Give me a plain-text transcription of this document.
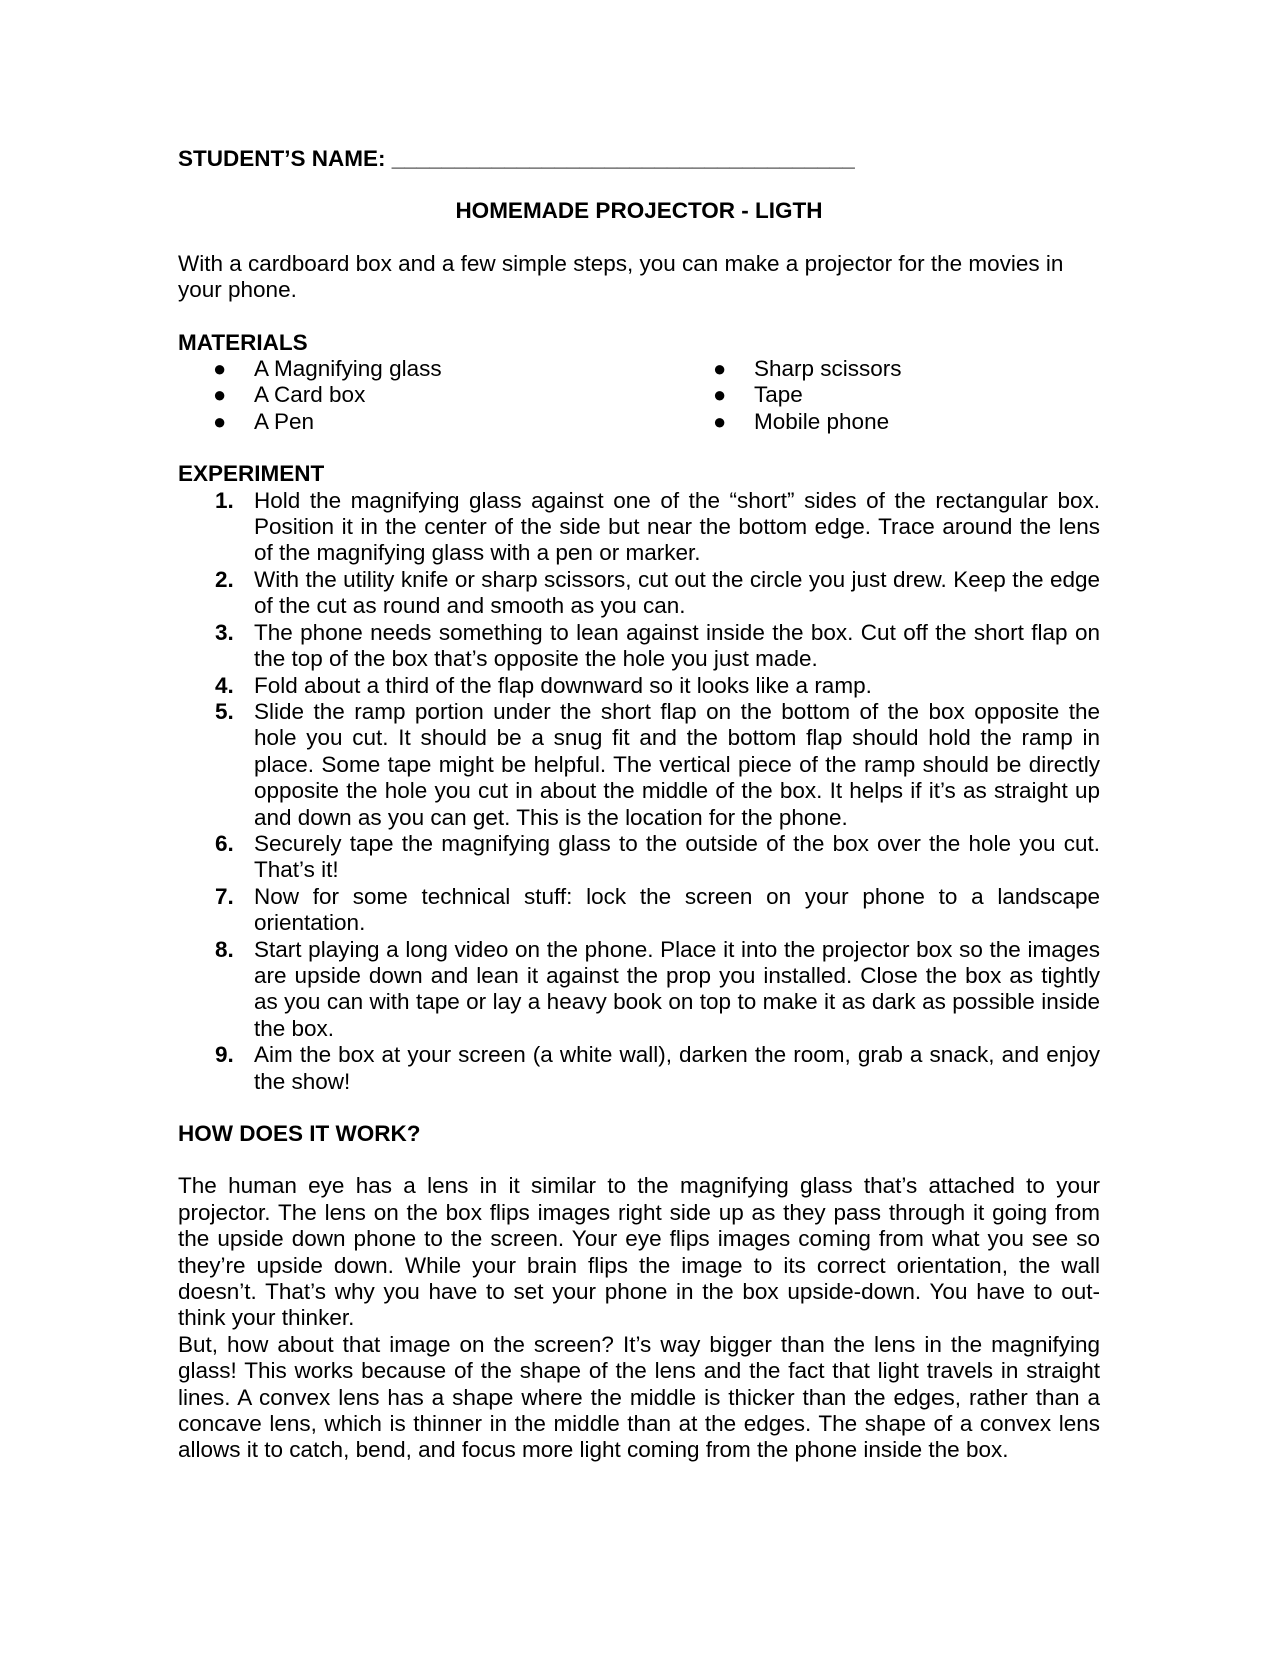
STUDENT’S NAME: _____________________________________
HOMEMADE PROJECTOR - LIGTH
With a cardboard box and a few simple steps, you can make a projector for the movies in your phone.
MATERIALS
● A Magnifying glass
● A Card box
● A Pen
● Sharp scissors
● Tape
● Mobile phone
EXPERIMENT
1. Hold the magnifying glass against one of the “short” sides of the rectangular box. Position it in the center of the side but near the bottom edge. Trace around the lens of the magnifying glass with a pen or marker.
2. With the utility knife or sharp scissors, cut out the circle you just drew. Keep the edge of the cut as round and smooth as you can.
3. The phone needs something to lean against inside the box. Cut off the short flap on the top of the box that’s opposite the hole you just made.
4. Fold about a third of the flap downward so it looks like a ramp.
5. Slide the ramp portion under the short flap on the bottom of the box opposite the hole you cut. It should be a snug fit and the bottom flap should hold the ramp in place. Some tape might be helpful. The vertical piece of the ramp should be directly opposite the hole you cut in about the middle of the box. It helps if it’s as straight up and down as you can get. This is the location for the phone.
6. Securely tape the magnifying glass to the outside of the box over the hole you cut. That’s it!
7. Now for some technical stuff: lock the screen on your phone to a landscape orientation.
8. Start playing a long video on the phone. Place it into the projector box so the images are upside down and lean it against the prop you installed. Close the box as tightly as you can with tape or lay a heavy book on top to make it as dark as possible inside the box.
9. Aim the box at your screen (a white wall), darken the room, grab a snack, and enjoy the show!
HOW DOES IT WORK?
The human eye has a lens in it similar to the magnifying glass that’s attached to your projector. The lens on the box flips images right side up as they pass through it going from the upside down phone to the screen. Your eye flips images coming from what you see so they’re upside down. While your brain flips the image to its correct orientation, the wall doesn’t. That’s why you have to set your phone in the box upside-down. You have to out-think your thinker.
But, how about that image on the screen? It’s way bigger than the lens in the magnifying glass! This works because of the shape of the lens and the fact that light travels in straight lines. A convex lens has a shape where the middle is thicker than the edges, rather than a concave lens, which is thinner in the middle than at the edges. The shape of a convex lens allows it to catch, bend, and focus more light coming from the phone inside the box.
